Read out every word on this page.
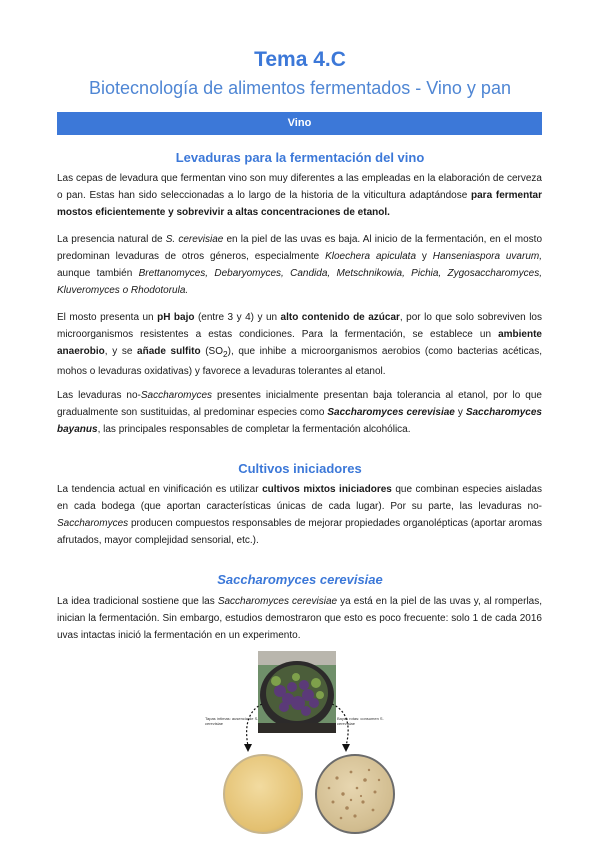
Tema 4.C
Biotecnología de alimentos fermentados - Vino y pan
Vino
Levaduras para la fermentación del vino

Las cepas de levadura que fermentan vino son muy diferentes a las empleadas en la elaboración de cerveza o pan. Estas han sido seleccionadas a lo largo de la historia de la viticultura adaptándose para fermentar mostos eficientemente y sobrevivir a altas concentraciones de etanol.

La presencia natural de S. cerevisiae en la piel de las uvas es baja. Al inicio de la fermentación, en el mosto predominan levaduras de otros géneros, especialmente Kloechera apiculata y Hanseniaspora uvarum, aunque también Brettanomyces, Debaryomyces, Candida, Metschnikowia, Pichia, Zygosaccharomyces, Kluveromyces o Rhodotorula.

El mosto presenta un pH bajo (entre 3 y 4) y un alto contenido de azúcar, por lo que solo sobreviven los microorganismos resistentes a estas condiciones. Para la fermentación, se establece un ambiente anaerobio, y se añade sulfito $(SO_2)$, que inhibe a microorganismos aerobios (como bacterias acéticas, mohos o levaduras oxidativas) y favorece a levaduras tolerantes al etanol.

Las levaduras no-Saccharomyces presentes inicialmente presentan baja tolerancia al etanol, por lo que gradualmente son sustituidas, al predominar especies como Saccharomyces cerevisiae y Saccharomyces bayanus, las principales responsables de completar la fermentación alcohólica.

Cultivos iniciadores

La tendencia actual en vinificación es utilizar cultivos mixtos iniciadores que combinan especies aisladas en cada bodega (que aportan características únicas de cada lugar). Por su parte, las levaduras no-Saccharomyces producen compuestos responsables de mejorar propiedades organolépticas (aportar aromas afrutados, mayor complejidad sensorial, etc.).

Saccharomyces cerevisiae

La idea tradicional sostiene que las Saccharomyces cerevisiae ya está en la piel de las uvas y, al romperlas, inician la fermentación. Sin embargo, estudios demostraron que esto es poco frecuente: solo 1 de cada 2016 uvas intactas inició la fermentación en un experimento.

Tapas íntimas: ausencia de S. cerevisiae
Bayas rotas: consumen S. cerevisiae
